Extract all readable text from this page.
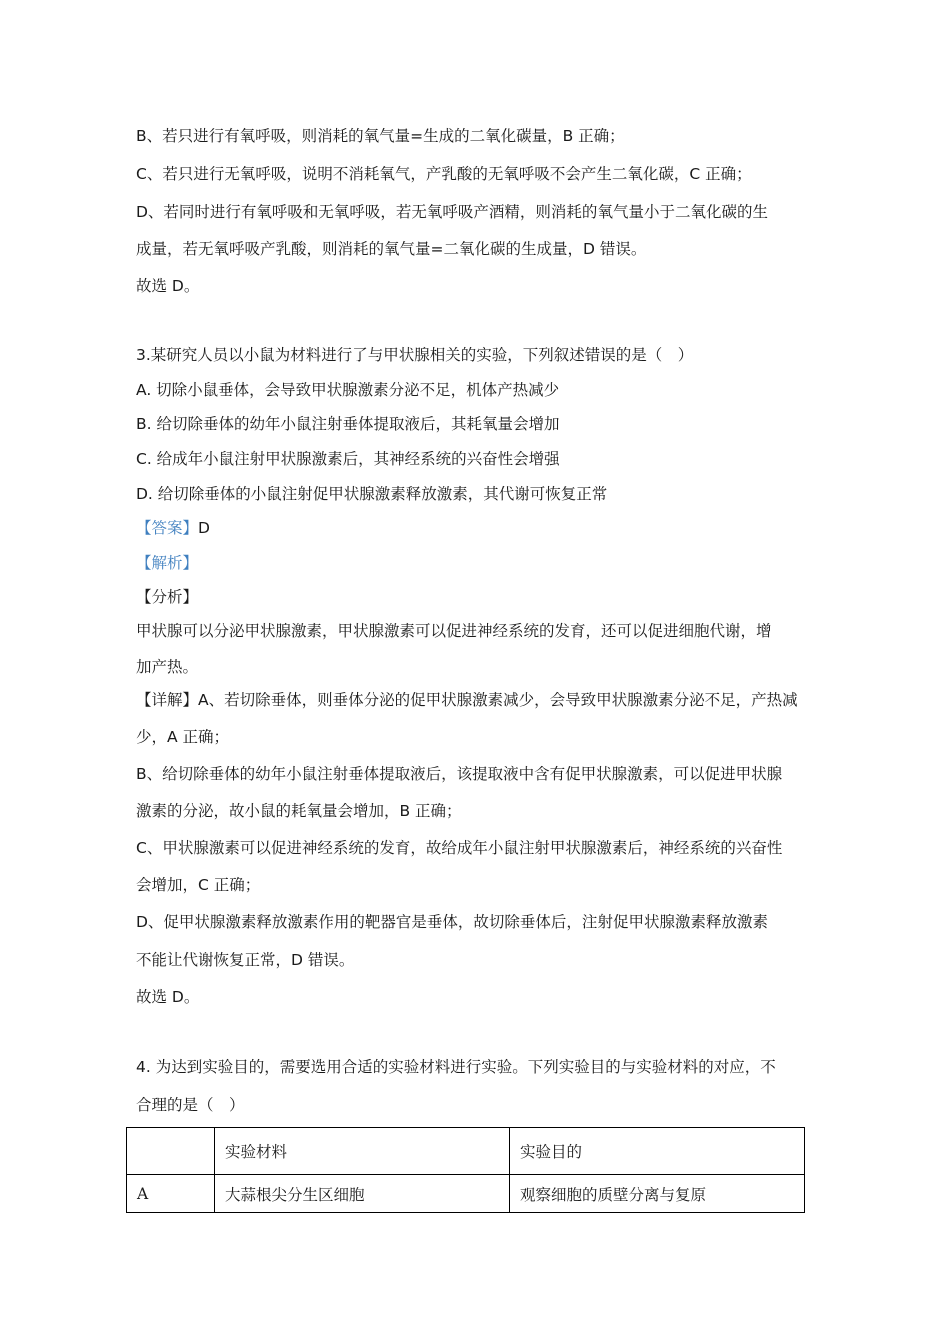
B、若只进行有氧呼吸，则消耗的氧气量=生成的二氧化碳量，B 正确；
C、若只进行无氧呼吸，说明不消耗氧气，产乳酸的无氧呼吸不会产生二氧化碳，C 正确；
D、若同时进行有氧呼吸和无氧呼吸，若无氧呼吸产酒精，则消耗的氧气量小于二氧化碳的生
成量，若无氧呼吸产乳酸，则消耗的氧气量=二氧化碳的生成量，D 错误。
故选 D。
3.某研究人员以小鼠为材料进行了与甲状腺相关的实验，下列叙述错误的是（　）
A. 切除小鼠垂体，会导致甲状腺激素分泌不足，机体产热减少
B. 给切除垂体的幼年小鼠注射垂体提取液后，其耗氧量会增加
C. 给成年小鼠注射甲状腺激素后，其神经系统的兴奋性会增强
D. 给切除垂体的小鼠注射促甲状腺激素释放激素，其代谢可恢复正常
【答案】D
【解析】
【分析】
甲状腺可以分泌甲状腺激素，甲状腺激素可以促进神经系统的发育，还可以促进细胞代谢，增
加产热。
【详解】A、若切除垂体，则垂体分泌的促甲状腺激素减少，会导致甲状腺激素分泌不足，产热减
少，A 正确；
B、给切除垂体的幼年小鼠注射垂体提取液后，该提取液中含有促甲状腺激素，可以促进甲状腺
激素的分泌，故小鼠的耗氧量会增加，B 正确；
C、甲状腺激素可以促进神经系统的发育，故给成年小鼠注射甲状腺激素后，神经系统的兴奋性
会增加，C 正确；
D、促甲状腺激素释放激素作用的靶器官是垂体，故切除垂体后，注射促甲状腺激素释放激素
不能让代谢恢复正常，D 错误。
故选 D。
4. 为达到实验目的，需要选用合适的实验材料进行实验。下列实验目的与实验材料的对应，不
合理的是（　）
	实验材料	实验目的
A	大蒜根尖分生区细胞	观察细胞的质壁分离与复原
